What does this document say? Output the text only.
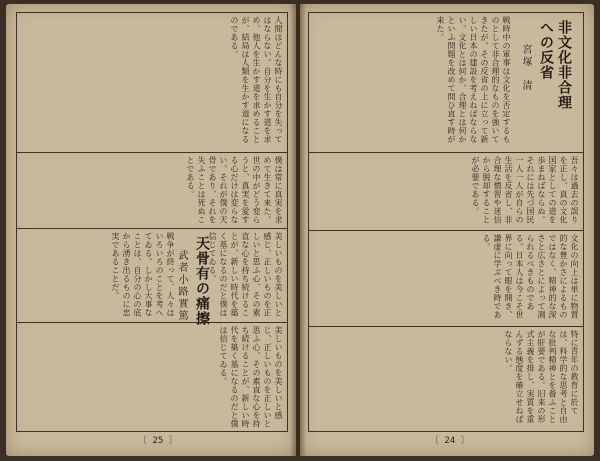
人間はどんな時にも自分を失ってはならない。自分を生かす道を求め、他人を生かす道を求めることが、結局は人類を生かす道になるのである。

僕は常に真実を求めて生きて来た。世の中がどう変らうと、真実を愛する心だけは変らない。それが僕の天骨であり、それを失ふことは死ぬことである。

戦争が終って、人々はいろいろのことを考へてゐる。しかし大事なことは、自分の心の底から湧き出るものに忠実であることだ。	天骨有の痛擦
武者小路實篤	美しいものを美しいと感じ、正しいものを正しいと思ふ心、その素直な心を持ち続けることが、新しい時代を築く基になるのだと僕は信じてゐる。

美しいものを美しいと感じ、正しいものを正しいと思ふ心、その素直な心を持ち続けることが、新しい時代を築く基になるのだと僕は信じてゐる。

〔 25 〕
非文化非合理
への反省
宮塚　清

戦時中の軍事は文化を否定するものとして非合理的なものを強いてきたが、その反省の上に立って新しい日本の建設を考えねばならない。文化とは何か、合理とは何かといふ問題を改めて問ひ直す時が来た。

吾々は過去の誤りを正し、真の文化国家としての道を歩まねばならぬ。それには先づ国民一人一人が自らの生活を反省し、非合理な慣習や迷信から脱却することが必要である。

文化の向上は単に物質的な豊かさによるものではなく、精神的な深さと広さとによって測られるべきものである。日本人は今こそ世界に向って眼を開き、謙虚に学ぶべき時である。

特に青年の教育に於ては、科学的な思考と自由な批判精神とを養ふことが肝要である。旧来の形式主義を排し、実質を重んずる態度を確立せねばならない。

〔 24 〕
